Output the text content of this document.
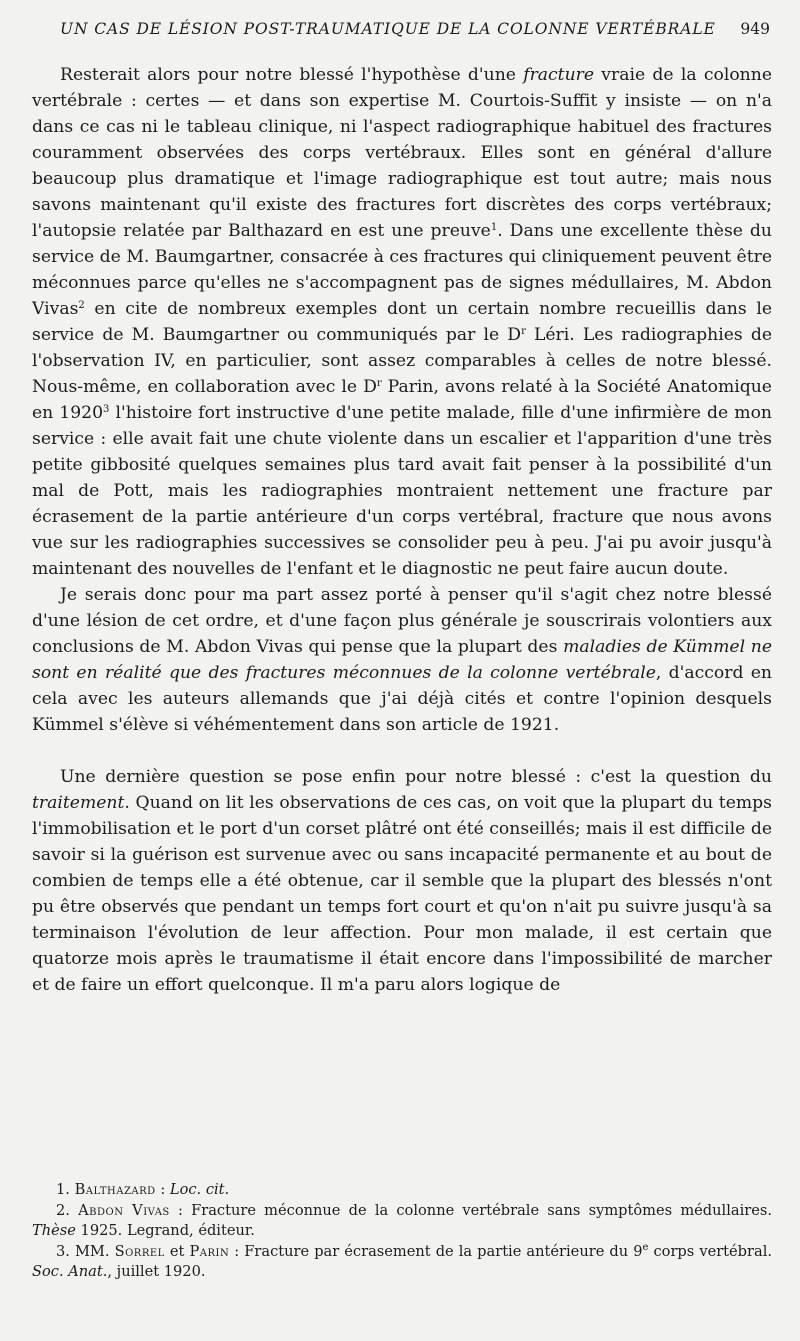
UN CAS DE LÉSION POST-TRAUMATIQUE DE LA COLONNE VERTÉBRALE 949

Resterait alors pour notre blessé l'hypothèse d'une fracture vraie de la colonne vertébrale : certes — et dans son expertise M. Courtois-Suffit y insiste — on n'a dans ce cas ni le tableau clinique, ni l'aspect radiographique habituel des fractures couramment observées des corps vertébraux. Elles sont en général d'allure beaucoup plus dramatique et l'image radiographique est tout autre; mais nous savons maintenant qu'il existe des fractures fort discrètes des corps vertébraux; l'autopsie relatée par Balthazard en est une preuve$^1$. Dans une excellente thèse du service de M. Baumgartner, consacrée à ces fractures qui cliniquement peuvent être méconnues parce qu'elles ne s'accompagnent pas de signes médullaires, M. Abdon Vivas$^2$ en cite de nombreux exemples dont un certain nombre recueillis dans le service de M. Baumgartner ou communiqués par le $D^r$ Léri. Les radiographies de l'observation IV, en particulier, sont assez comparables à celles de notre blessé. Nous-même, en collaboration avec le $D^r$ Parin, avons relaté à la Société Anatomique en 1920$^3$ l'histoire fort instructive d'une petite malade, fille d'une infirmière de mon service : elle avait fait une chute violente dans un escalier et l'apparition d'une très petite gibbosité quelques semaines plus tard avait fait penser à la possibilité d'un mal de Pott, mais les radiographies montraient nettement une fracture par écrasement de la partie antérieure d'un corps vertébral, fracture que nous avons vue sur les radiographies successives se consolider peu à peu. J'ai pu avoir jusqu'à maintenant des nouvelles de l'enfant et le diagnostic ne peut faire aucun doute.

Je serais donc pour ma part assez porté à penser qu'il s'agit chez notre blessé d'une lésion de cet ordre, et d'une façon plus générale je souscrirais volontiers aux conclusions de M. Abdon Vivas qui pense que la plupart des maladies de Kümmel ne sont en réalité que des fractures méconnues de la colonne vertébrale, d'accord en cela avec les auteurs allemands que j'ai déjà cités et contre l'opinion desquels Kümmel s'élève si véhémentement dans son article de 1921.

Une dernière question se pose enfin pour notre blessé : c'est la question du traitement. Quand on lit les observations de ces cas, on voit que la plupart du temps l'immobilisation et le port d'un corset plâtré ont été conseillés; mais il est difficile de savoir si la guérison est survenue avec ou sans incapacité permanente et au bout de combien de temps elle a été obtenue, car il semble que la plupart des blessés n'ont pu être observés que pendant un temps fort court et qu'on n'ait pu suivre jusqu'à sa terminaison l'évolution de leur affection. Pour mon malade, il est certain que quatorze mois après le traumatisme il était encore dans l'impossibilité de marcher et de faire un effort quelconque. Il m'a paru alors logique de

1. Balthazard : Loc. cit.
2. Abdon Vivas : Fracture méconnue de la colonne vertébrale sans symptômes médullaires. Thèse 1925. Legrand, éditeur.
3. MM. Sorrel et Parin : Fracture par écrasement de la partie antérieure du 9e corps vertébral. Soc. Anat., juillet 1920.
